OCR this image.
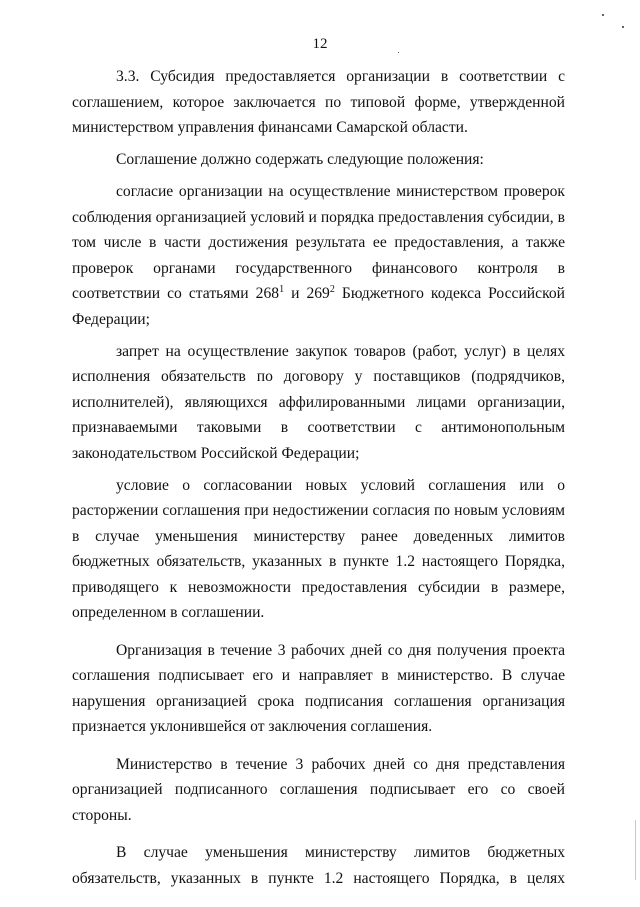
12

3.3. Субсидия предоставляется организации в соответствии с соглашением, которое заключается по типовой форме, утвержденной министерством управления финансами Самарской области.

Соглашение должно содержать следующие положения:

согласие организации на осуществление министерством проверок соблюдения организацией условий и порядка предоставления субсидии, в том числе в части достижения результата ее предоставления, а также проверок органами государственного финансового контроля в соответствии со статьями $268^1$ и $269^2$ Бюджетного кодекса Российской Федерации;

запрет на осуществление закупок товаров (работ, услуг) в целях исполнения обязательств по договору у поставщиков (подрядчиков, исполнителей), являющихся аффилированными лицами организации, признаваемыми таковыми в соответствии с антимонопольным законодательством Российской Федерации;

условие о согласовании новых условий соглашения или о расторжении соглашения при недостижении согласия по новым условиям в случае уменьшения министерству ранее доведенных лимитов бюджетных обязательств, указанных в пункте 1.2 настоящего Порядка, приводящего к невозможности предоставления субсидии в размере, определенном в соглашении.

Организация в течение 3 рабочих дней со дня получения проекта соглашения подписывает его и направляет в министерство. В случае нарушения организацией срока подписания соглашения организация признается уклонившейся от заключения соглашения.

Министерство в течение 3 рабочих дней со дня представления организацией подписанного соглашения подписывает его со своей стороны.

В случае уменьшения министерству лимитов бюджетных обязательств, указанных в пункте 1.2 настоящего Порядка, в целях
